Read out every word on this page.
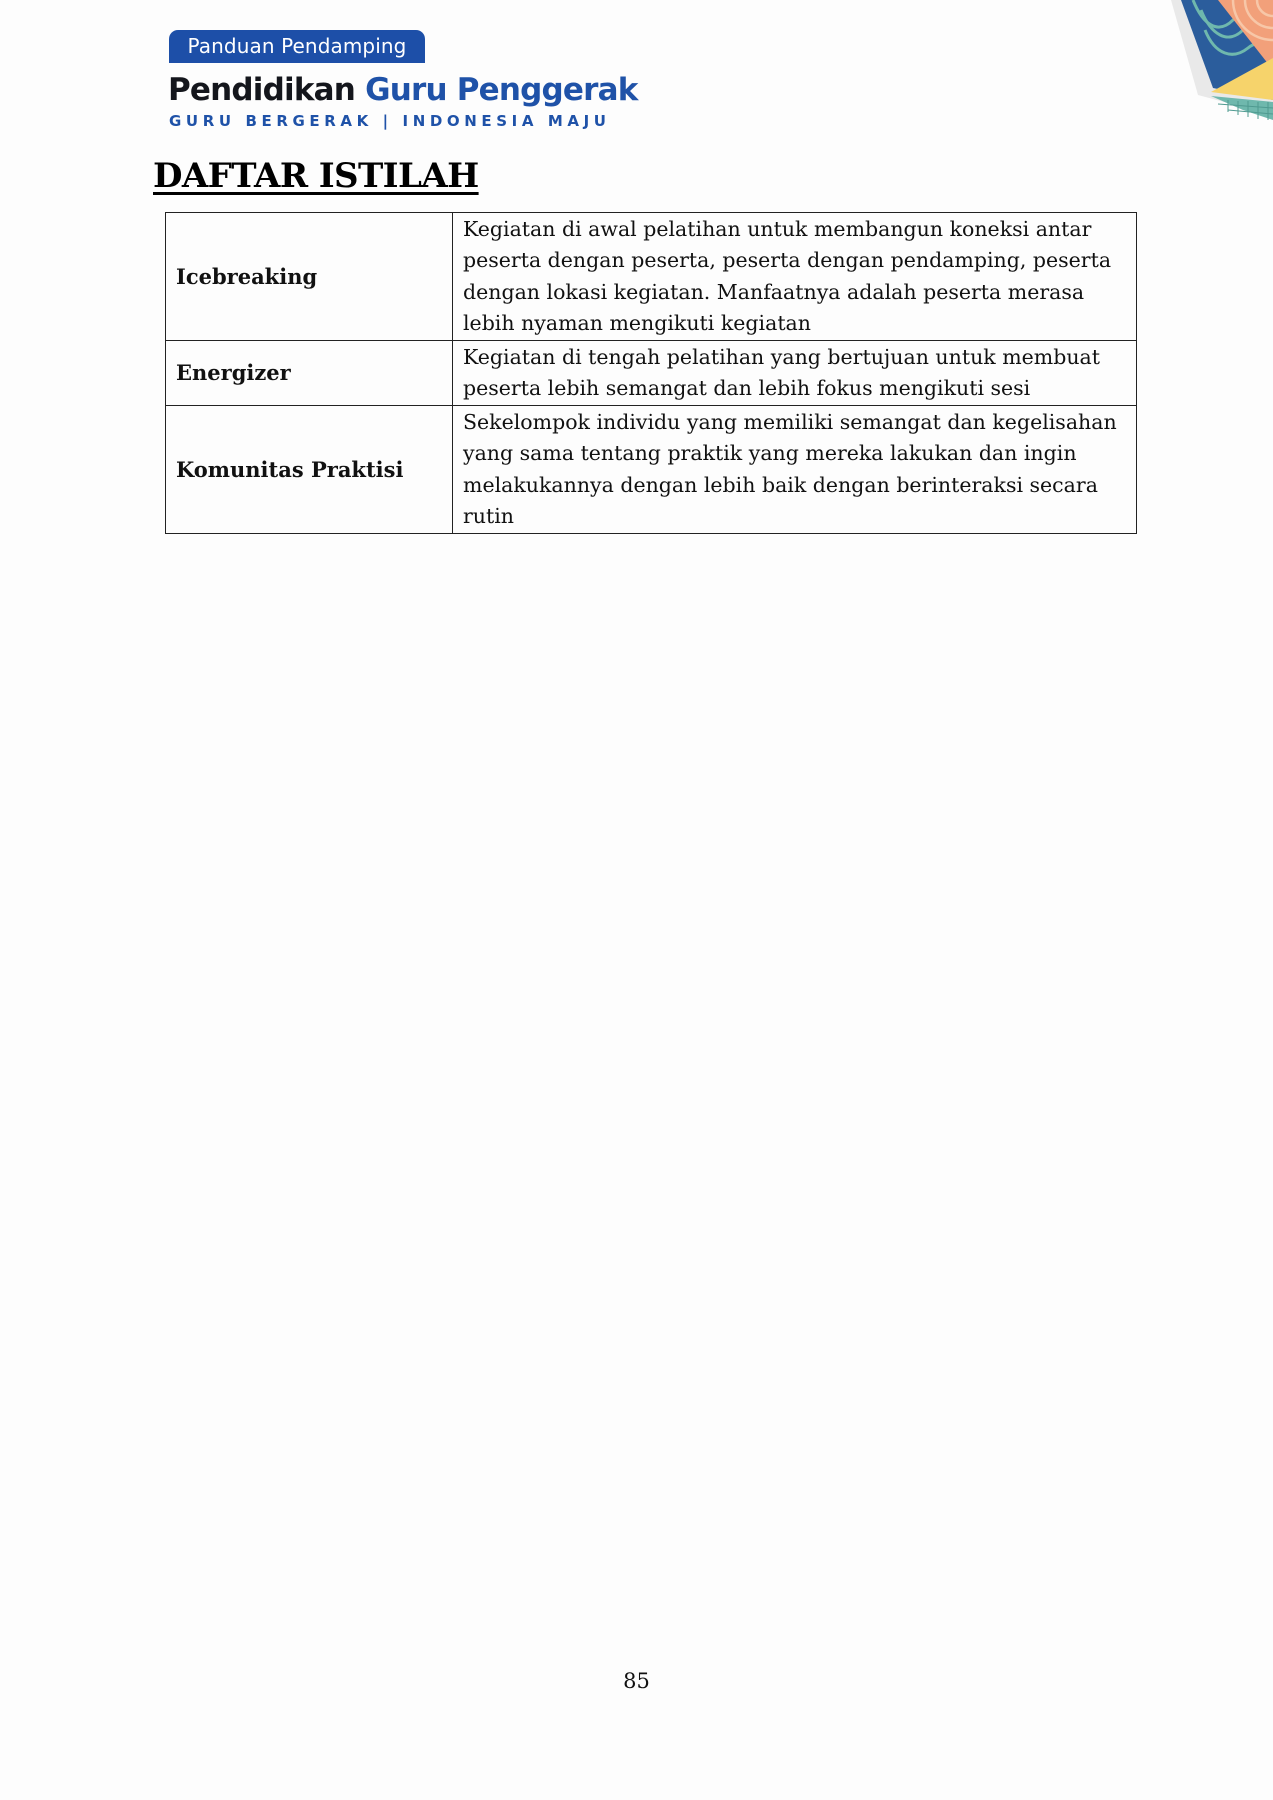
Panduan Pendamping
Pendidikan Guru Penggerak
GURU BERGERAK | INDONESIA MAJU
DAFTAR ISTILAH
Icebreaking	Kegiatan di awal pelatihan untuk membangun koneksi antar peserta dengan peserta, peserta dengan pendamping, peserta dengan lokasi kegiatan. Manfaatnya adalah peserta merasa lebih nyaman mengikuti kegiatan
Energizer	Kegiatan di tengah pelatihan yang bertujuan untuk membuat peserta lebih semangat dan lebih fokus mengikuti sesi
Komunitas Praktisi	Sekelompok individu yang memiliki semangat dan kegelisahan yang sama tentang praktik yang mereka lakukan dan ingin melakukannya dengan lebih baik dengan berinteraksi secara rutin
85
